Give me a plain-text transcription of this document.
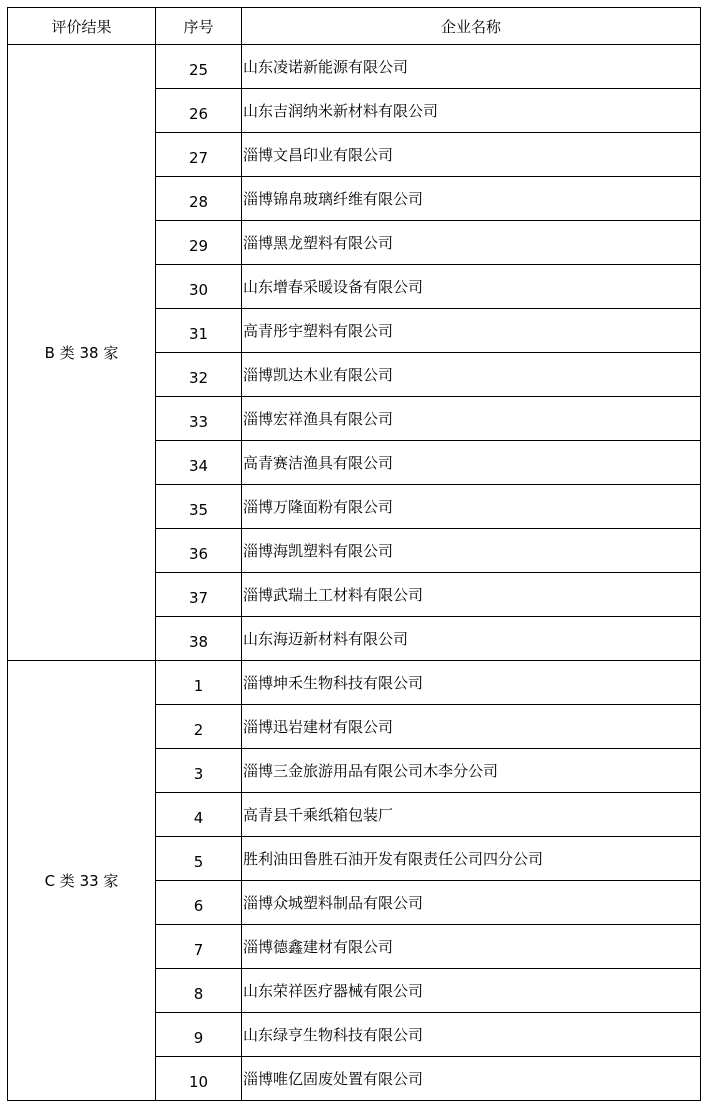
评价结果	序号	企业名称
B 类 38 家	25	山东凌诺新能源有限公司
	26	山东吉润纳米新材料有限公司
	27	淄博文昌印业有限公司
	28	淄博锦帛玻璃纤维有限公司
	29	淄博黑龙塑料有限公司
	30	山东增春采暖设备有限公司
	31	高青彤宇塑料有限公司
	32	淄博凯达木业有限公司
	33	淄博宏祥渔具有限公司
	34	高青赛洁渔具有限公司
	35	淄博万隆面粉有限公司
	36	淄博海凯塑料有限公司
	37	淄博武瑞土工材料有限公司
	38	山东海迈新材料有限公司
C 类 33 家	1	淄博坤禾生物科技有限公司
	2	淄博迅岩建材有限公司
	3	淄博三金旅游用品有限公司木李分公司
	4	高青县千乘纸箱包装厂
	5	胜利油田鲁胜石油开发有限责任公司四分公司
	6	淄博众城塑料制品有限公司
	7	淄博德鑫建材有限公司
	8	山东荣祥医疗器械有限公司
	9	山东绿亨生物科技有限公司
	10	淄博唯亿固废处置有限公司
